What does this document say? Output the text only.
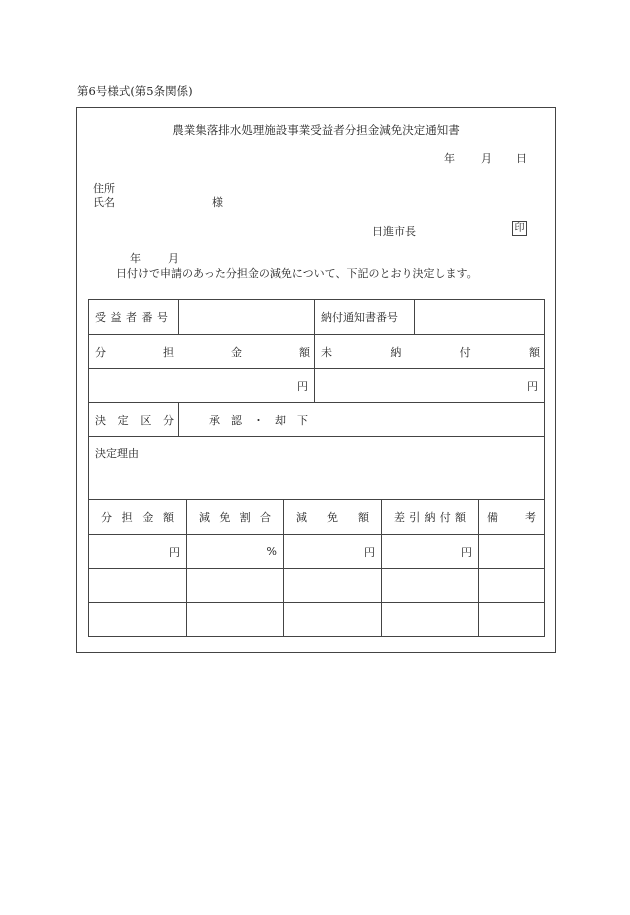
第6号様式(第5条関係)
農業集落排水処理施設事業受益者分担金減免決定通知書
年 月 日
住所
氏名	様
日進市長	印
年 月日付けで申請のあった分担金の減免について、下記のとおり決定します。
受益者番号		納付通知書番号	
分担金額		未納付額	
円		円	
決定区分	承　認　・　却　下		
決定理由			
分担金額	減免割合	減免額	差引納付額	備考
円	%	円	円	
